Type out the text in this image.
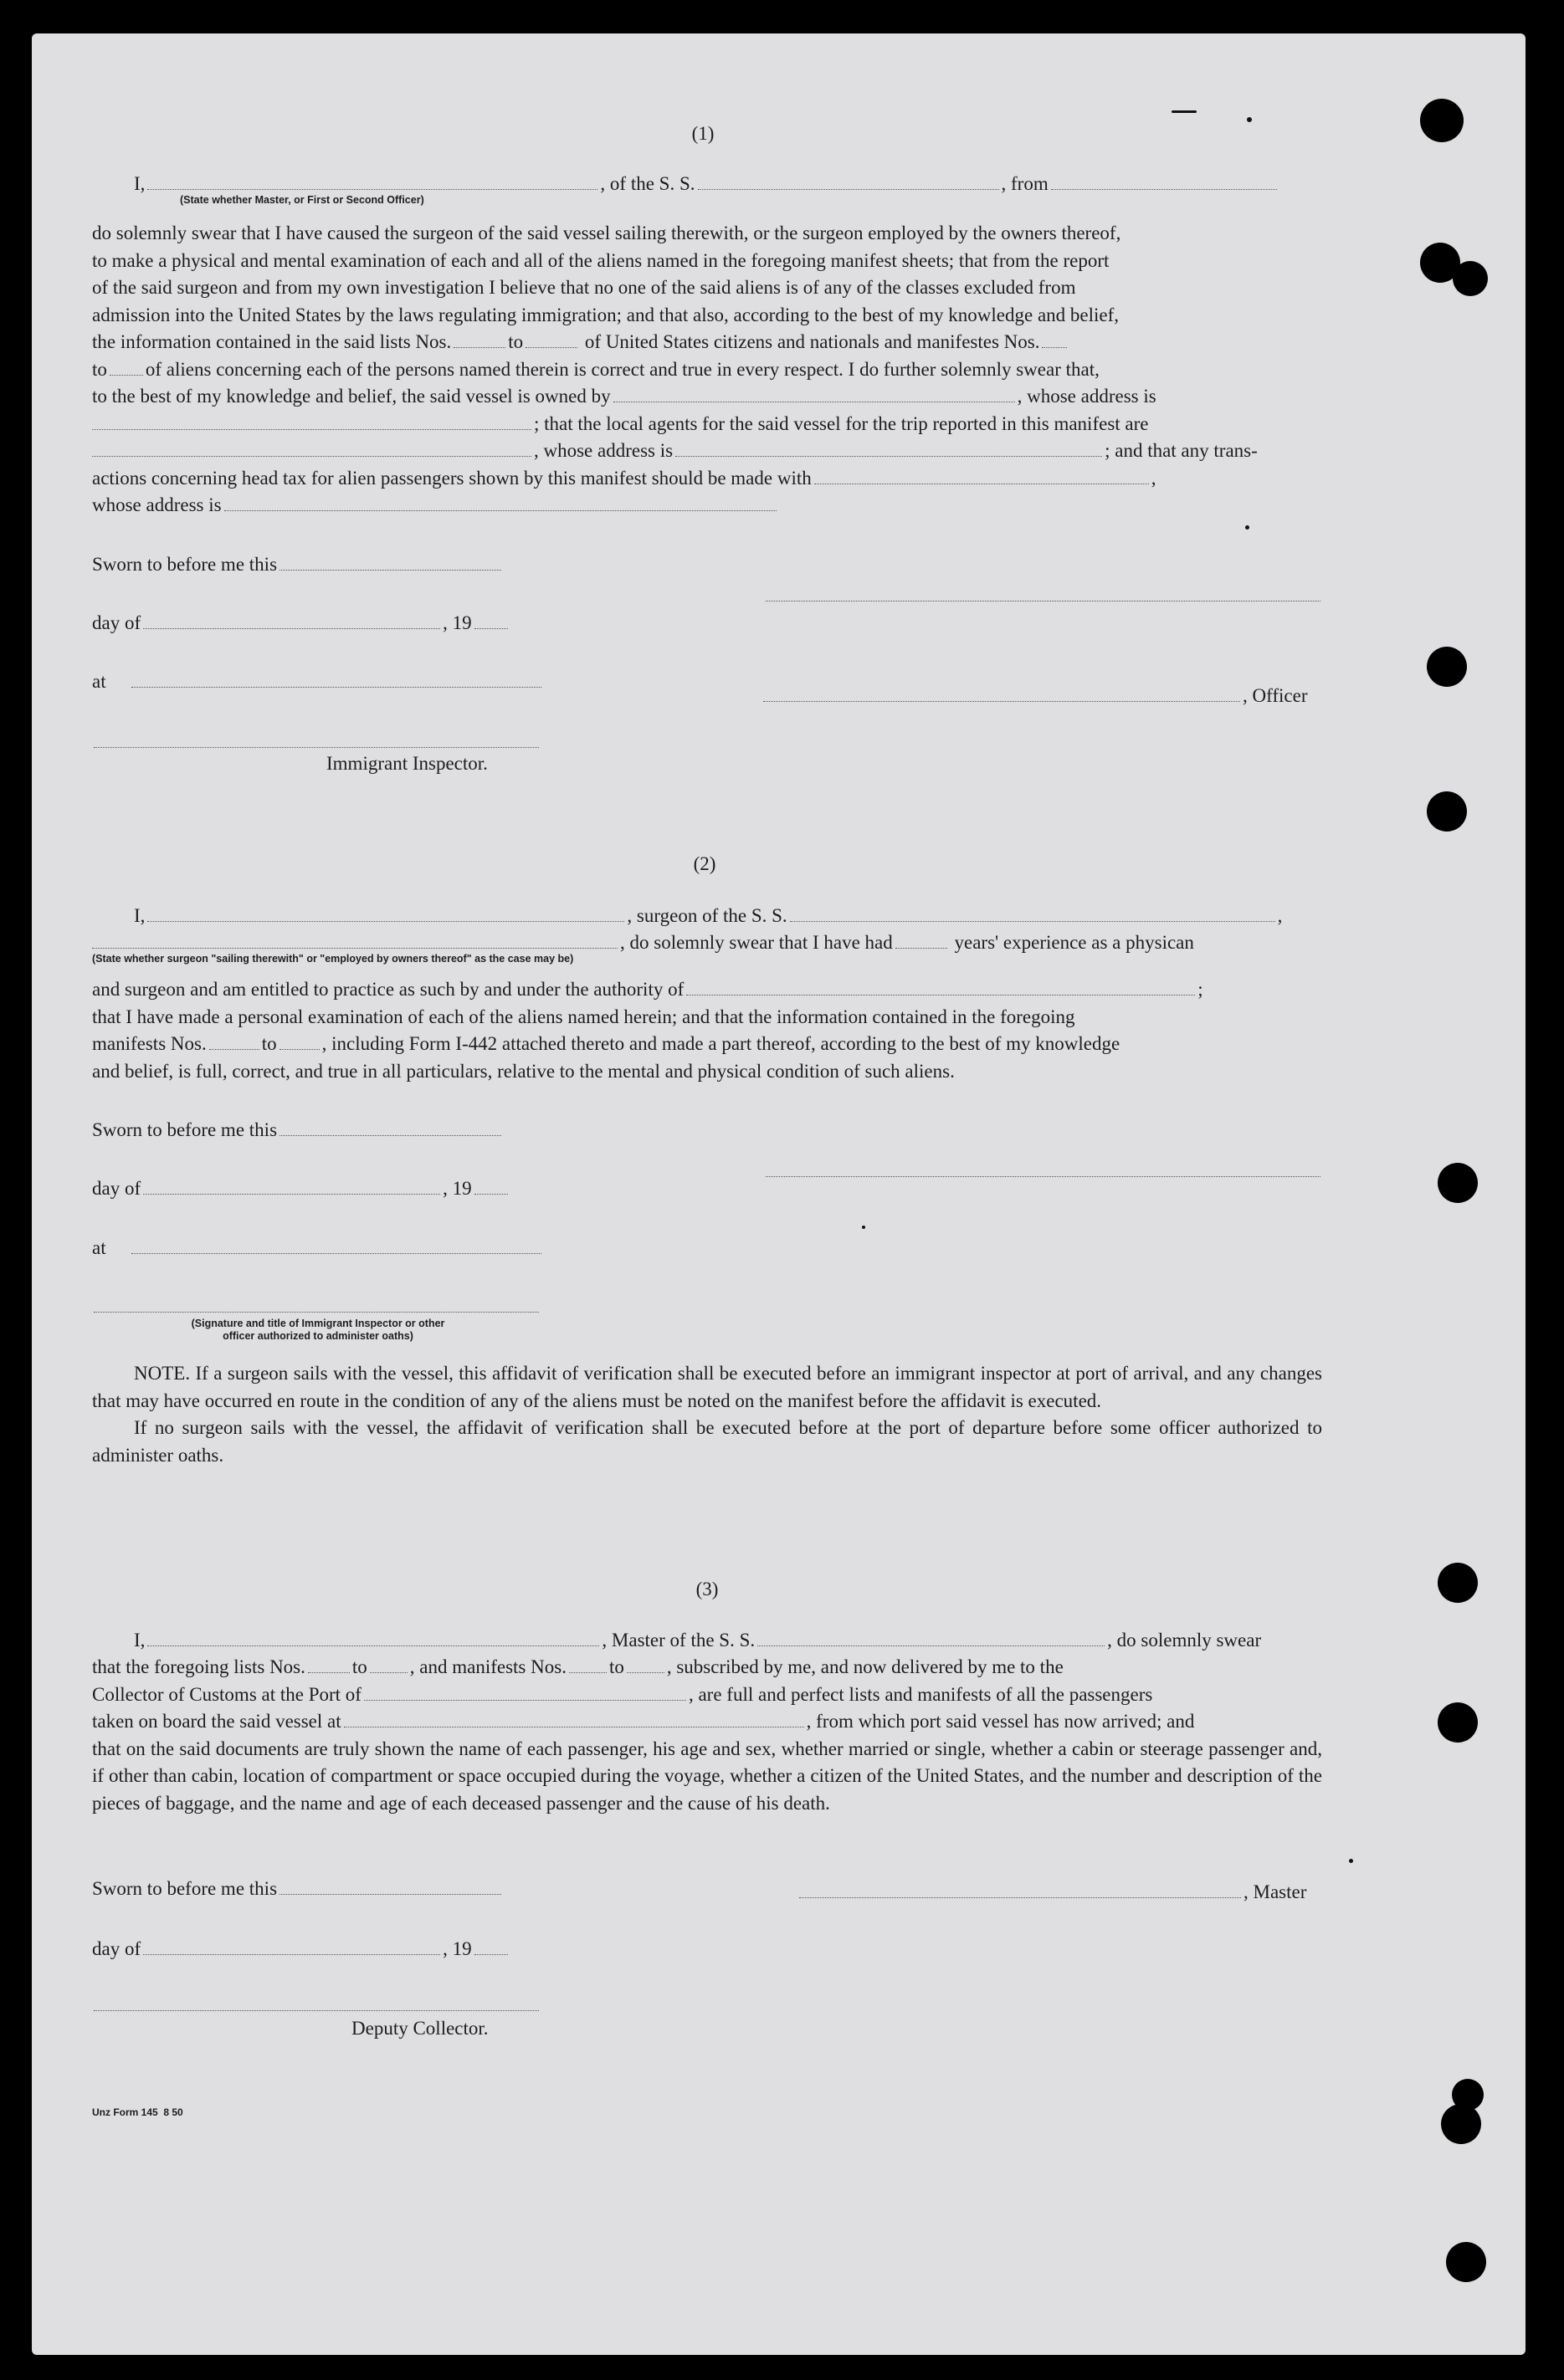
(1)
I,	, of the S. S.	, from
(State whether Master, or First or Second Officer)

do solemnly swear that I have caused the surgeon of the said vessel sailing therewith, or the surgeon employed by the owners thereof,

to make a physical and mental examination of each and all of the aliens named in the foregoing manifest sheets; that from the report

of the said surgeon and from my own investigation I believe that no one of the said aliens is of any of the classes excluded from

admission into the United States by the laws regulating immigration; and that also, according to the best of my knowledge and belief,

the information contained in the said lists Nos.	to	of United States citizens and nationals and manifestes Nos.

to of aliens concerning each of the persons named therein is correct and true in every respect. I do further solemnly swear that,

to the best of my knowledge and belief, the said vessel is owned by	, whose address is

; that the local agents for the said vessel for the trip reported in this manifest are

, whose address is	; and that any trans-

actions concerning head tax for alien passengers shown by this manifest should be made with	,

whose address is

Sworn to before me this
day of	, 19
at
, Officer
Immigrant Inspector.
(2)
I,	, surgeon of the S. S.	,
, do solemnly swear that I have had	years' experience as a physican
(State whether surgeon "sailing therewith" or "employed by owners thereof" as the case may be)

and surgeon and am entitled to practice as such by and under the authority of	;

that I have made a personal examination of each of the aliens named herein; and that the information contained in the foregoing

manifests Nos.	to , including Form I-442 attached thereto and made a part thereof, according to the best of my knowledge

and belief, is full, correct, and true in all particulars, relative to the mental and physical condition of such aliens.

Sworn to before me this
day of	, 19
at
(Signature and title of Immigrant Inspector or other
officer authorized to administer oaths)

NOTE. If a surgeon sails with the vessel, this affidavit of verification shall be executed before an immigrant inspector at port of arrival, and any changes that may have occurred en route in the condition of any of the aliens must be noted on the manifest before the affidavit is executed.

If no surgeon sails with the vessel, the affidavit of verification shall be executed before at the port of departure before some officer authorized to administer oaths.

(3)
I,	, Master of the S. S.	, do solemnly swear

that the foregoing lists Nos. to , and manifests Nos. to , subscribed by me, and now delivered by me to the

Collector of Customs at the Port of	, are full and perfect lists and manifests of all the passengers

taken on board the said vessel at	, from which port said vessel has now arrived; and

that on the said documents are truly shown the name of each passenger, his age and sex, whether married or single, whether a cabin or steerage passenger and, if other than cabin, location of compartment or space occupied during the voyage, whether a citizen of the United States, and the number and description of the pieces of baggage, and the name and age of each deceased passenger and the cause of his death.

Sworn to before me this	, Master
day of	, 19
Deputy Collector.
Unz Form 145 8 50
